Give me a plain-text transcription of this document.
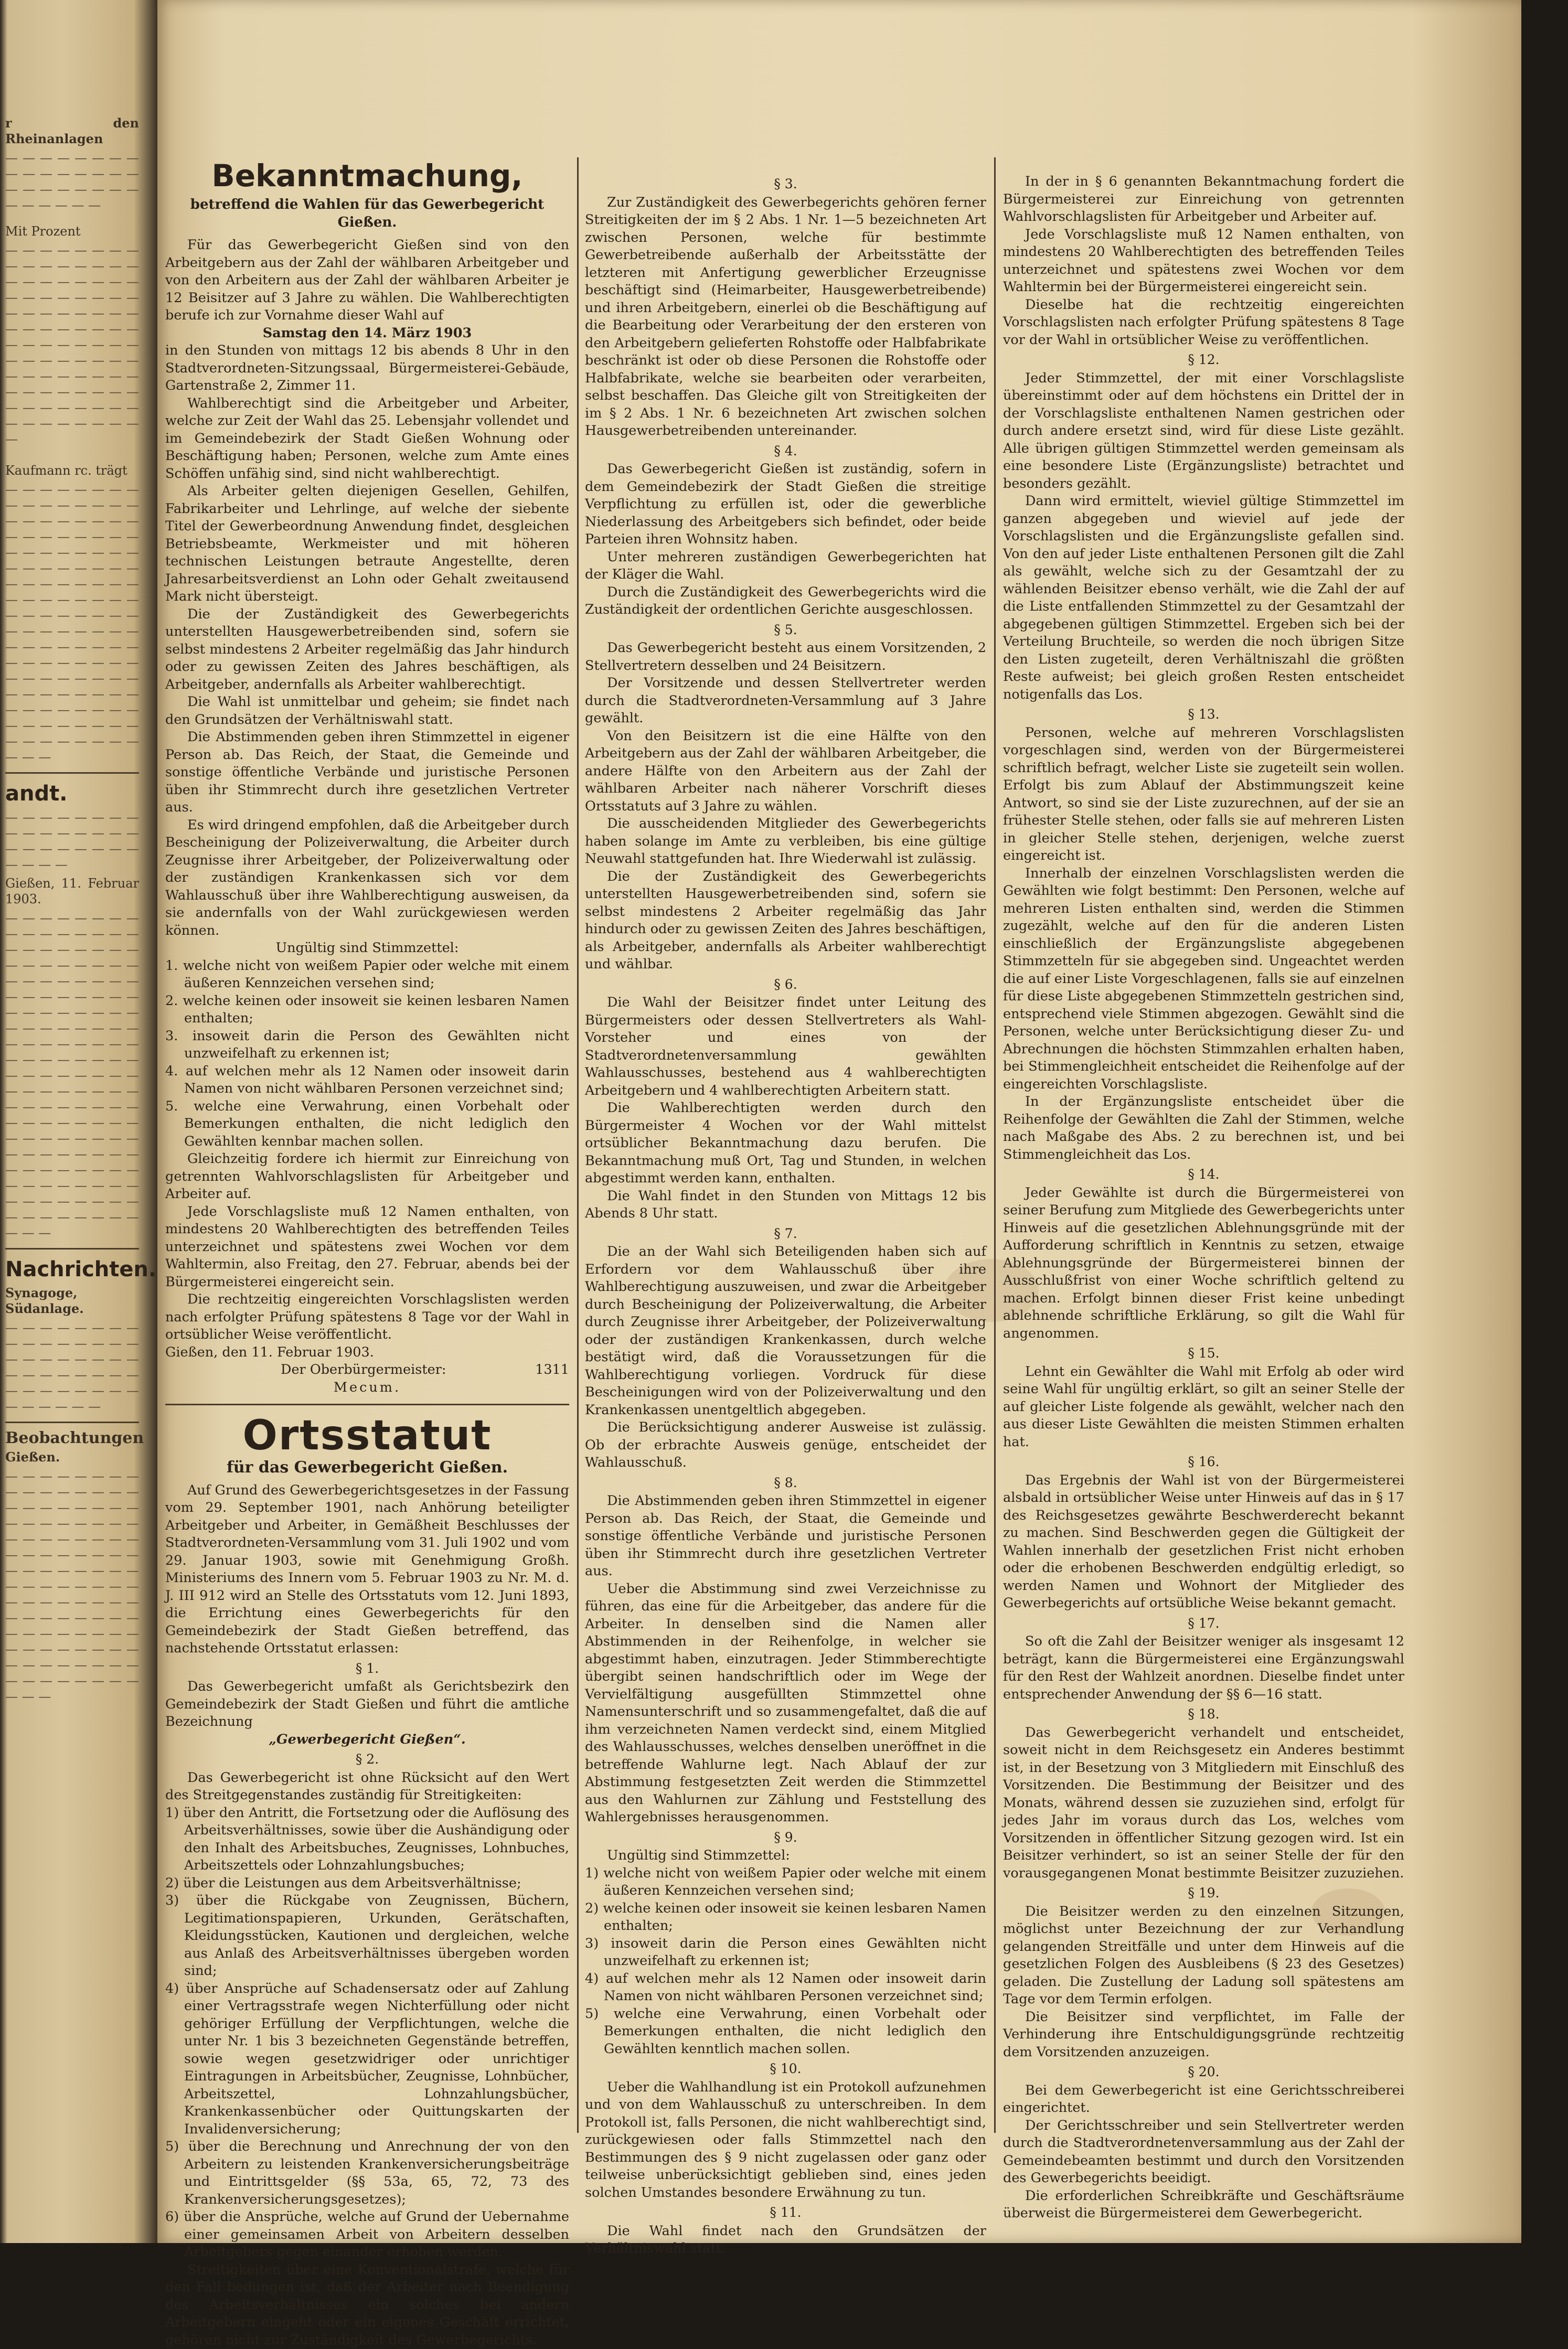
r den Rheinanlagen

— — — — — — — — — — — — — — — — — — — — — — — — — — — — — —

Mit Prozent

— — — — — — — — — — — — — — — — — — — — — — — — — — — — — — — — — — — — — — — — — — — — — — — — — — — — — — — — — — — — — — — — — — — — — — — — — — — — — — — — — — — — — — — — — — — — — — — — —

Kaufmann rc. trägt

— — — — — — — — — — — — — — — — — — — — — — — — — — — — — — — — — — — — — — — — — — — — — — — — — — — — — — — — — — — — — — — — — — — — — — — — — — — — — — — — — — — — — — — — — — — — — — — — — — — — — — — — — — — — — — — — — — — — — — — — — — — — — — — — — — — — — — — — — — —

andt.

— — — — — — — — — — — — — — — — — — — — — — — — — — — —

Gießen, 11. Februar 1903.

— — — — — — — — — — — — — — — — — — — — — — — — — — — — — — — — — — — — — — — — — — — — — — — — — — — — — — — — — — — — — — — — — — — — — — — — — — — — — — — — — — — — — — — — — — — — — — — — — — — — — — — — — — — — — — — — — — — — — — — — — — — — — — — — — — — — — — — — — — — — — — — — — — — — — — — — — — — — — — — — — — —

Nachrichten.

Synagoge, Südanlage.

— — — — — — — — — — — — — — — — — — — — — — — — — — — — — — — — — — — — — — — — — — — — — —

Beobachtungen

Gießen.

— — — — — — — — — — — — — — — — — — — — — — — — — — — — — — — — — — — — — — — — — — — — — — — — — — — — — — — — — — — — — — — — — — — — — — — — — — — — — — — — — — — — — — — — — — — — — — — — — — — — — — — — — — — — — — — — — — —

Bekanntmachung,
betreffend die Wahlen für das Gewerbegericht Gießen.

Für das Gewerbegericht Gießen sind von den Arbeitgebern aus der Zahl der wählbaren Arbeitgeber und von den Arbeitern aus der Zahl der wählbaren Arbeiter je 12 Beisitzer auf 3 Jahre zu wählen. Die Wahlberechtigten berufe ich zur Vornahme dieser Wahl auf

Samstag den 14. März 1903

in den Stunden von mittags 12 bis abends 8 Uhr in den Stadtverordneten-Sitzungssaal, Bürgermeisterei-Gebäude, Gartenstraße 2, Zimmer 11.

Wahlberechtigt sind die Arbeitgeber und Arbeiter, welche zur Zeit der Wahl das 25. Lebensjahr vollendet und im Gemeindebezirk der Stadt Gießen Wohnung oder Beschäftigung haben; Personen, welche zum Amte eines Schöffen unfähig sind, sind nicht wahlberechtigt.

Als Arbeiter gelten diejenigen Gesellen, Gehilfen, Fabrikarbeiter und Lehrlinge, auf welche der siebente Titel der Gewerbeordnung Anwendung findet, desgleichen Betriebsbeamte, Werkmeister und mit höheren technischen Leistungen betraute Angestellte, deren Jahresarbeitsverdienst an Lohn oder Gehalt zweitausend Mark nicht übersteigt.

Die der Zuständigkeit des Gewerbegerichts unterstellten Hausgewerbetreibenden sind, sofern sie selbst mindestens 2 Arbeiter regelmäßig das Jahr hindurch oder zu gewissen Zeiten des Jahres beschäftigen, als Arbeitgeber, andernfalls als Arbeiter wahlberechtigt.

Die Wahl ist unmittelbar und geheim; sie findet nach den Grundsätzen der Verhältniswahl statt.

Die Abstimmenden geben ihren Stimmzettel in eigener Person ab. Das Reich, der Staat, die Gemeinde und sonstige öffentliche Verbände und juristische Personen üben ihr Stimmrecht durch ihre gesetzlichen Vertreter aus.

Es wird dringend empfohlen, daß die Arbeitgeber durch Bescheinigung der Polizeiverwaltung, die Arbeiter durch Zeugnisse ihrer Arbeitgeber, der Polizeiverwaltung oder der zuständigen Krankenkassen sich vor dem Wahlausschuß über ihre Wahlberechtigung ausweisen, da sie andernfalls von der Wahl zurückgewiesen werden können.

Ungültig sind Stimmzettel:
1. welche nicht von weißem Papier oder welche mit einem äußeren Kennzeichen versehen sind;
2. welche keinen oder insoweit sie keinen lesbaren Namen enthalten;
3. insoweit darin die Person des Gewählten nicht unzweifelhaft zu erkennen ist;
4. auf welchen mehr als 12 Namen oder insoweit darin Namen von nicht wählbaren Personen verzeichnet sind;
5. welche eine Verwahrung, einen Vorbehalt oder Bemerkungen enthalten, die nicht lediglich den Gewählten kennbar machen sollen.

Gleichzeitig fordere ich hiermit zur Einreichung von getrennten Wahlvorschlagslisten für Arbeitgeber und Arbeiter auf.

Jede Vorschlagsliste muß 12 Namen enthalten, von mindestens 20 Wahlberechtigten des betreffenden Teiles unterzeichnet und spätestens zwei Wochen vor dem Wahltermin, also Freitag, den 27. Februar, abends bei der Bürgermeisterei eingereicht sein.

Die rechtzeitig eingereichten Vorschlagslisten werden nach erfolgter Prüfung spätestens 8 Tage vor der Wahl in ortsüblicher Weise veröffentlicht.

Gießen, den 11. Februar 1903.

Der Oberbürgermeister:	1311
Mecum.
Ortsstatut
für das Gewerbegericht Gießen.

Auf Grund des Gewerbegerichtsgesetzes in der Fassung vom 29. September 1901, nach Anhörung beteiligter Arbeitgeber und Arbeiter, in Gemäßheit Beschlusses der Stadtverordneten-Versammlung vom 31. Juli 1902 und vom 29. Januar 1903, sowie mit Genehmigung Großh. Ministeriums des Innern vom 5. Februar 1903 zu Nr. M. d. J. III 912 wird an Stelle des Ortsstatuts vom 12. Juni 1893, die Errichtung eines Gewerbegerichts für den Gemeindebezirk der Stadt Gießen betreffend, das nachstehende Ortsstatut erlassen:

§ 1.

Das Gewerbegericht umfaßt als Gerichtsbezirk den Gemeindebezirk der Stadt Gießen und führt die amtliche Bezeichnung

„Gewerbegericht Gießen“.
§ 2.

Das Gewerbegericht ist ohne Rücksicht auf den Wert des Streitgegenstandes zuständig für Streitigkeiten:

1) über den Antritt, die Fortsetzung oder die Auflösung des Arbeitsverhältnisses, sowie über die Aushändigung oder den Inhalt des Arbeitsbuches, Zeugnisses, Lohnbuches, Arbeitszettels oder Lohnzahlungsbuches;
2) über die Leistungen aus dem Arbeitsverhältnisse;
3) über die Rückgabe von Zeugnissen, Büchern, Legitimationspapieren, Urkunden, Gerätschaften, Kleidungsstücken, Kautionen und dergleichen, welche aus Anlaß des Arbeitsverhältnisses übergeben worden sind;
4) über Ansprüche auf Schadensersatz oder auf Zahlung einer Vertragsstrafe wegen Nichterfüllung oder nicht gehöriger Erfüllung der Verpflichtungen, welche die unter Nr. 1 bis 3 bezeichneten Gegenstände betreffen, sowie wegen gesetzwidriger oder unrichtiger Eintragungen in Arbeitsbücher, Zeugnisse, Lohnbücher, Arbeitszettel, Lohnzahlungsbücher, Krankenkassenbücher oder Quittungskarten der Invalidenversicherung;
5) über die Berechnung und Anrechnung der von den Arbeitern zu leistenden Krankenversicherungsbeiträge und Eintrittsgelder (§§ 53a, 65, 72, 73 des Krankenversicherungsgesetzes);
6) über die Ansprüche, welche auf Grund der Uebernahme einer gemeinsamen Arbeit von Arbeitern desselben Arbeitgebers gegen einander erhoben werden.

Streitigkeiten über eine Konventionalstrafe, welche für den Fall bedungen ist, daß der Arbeiter nach Beendigung des Arbeitsverhältnisses ein solches bei andern Arbeitgebern eingeht oder ein eigenes Geschäft errichtet, gehören nicht zur Zuständigkeit des Gewerbegerichts.

§ 3.

Zur Zuständigkeit des Gewerbegerichts gehören ferner Streitigkeiten der im § 2 Abs. 1 Nr. 1—5 bezeichneten Art zwischen Personen, welche für bestimmte Gewerbetreibende außerhalb der Arbeitsstätte der letzteren mit Anfertigung gewerblicher Erzeugnisse beschäftigt sind (Heimarbeiter, Hausgewerbetreibende) und ihren Arbeitgebern, einerlei ob die Beschäftigung auf die Bearbeitung oder Verarbeitung der den ersteren von den Arbeitgebern gelieferten Rohstoffe oder Halbfabrikate beschränkt ist oder ob diese Personen die Rohstoffe oder Halbfabrikate, welche sie bearbeiten oder verarbeiten, selbst beschaffen. Das Gleiche gilt von Streitigkeiten der im § 2 Abs. 1 Nr. 6 bezeichneten Art zwischen solchen Hausgewerbetreibenden untereinander.

§ 4.

Das Gewerbegericht Gießen ist zuständig, sofern in dem Gemeindebezirk der Stadt Gießen die streitige Verpflichtung zu erfüllen ist, oder die gewerbliche Niederlassung des Arbeitgebers sich befindet, oder beide Parteien ihren Wohnsitz haben.

Unter mehreren zuständigen Gewerbegerichten hat der Kläger die Wahl.

Durch die Zuständigkeit des Gewerbegerichts wird die Zuständigkeit der ordentlichen Gerichte ausgeschlossen.

§ 5.

Das Gewerbegericht besteht aus einem Vorsitzenden, 2 Stellvertretern desselben und 24 Beisitzern.

Der Vorsitzende und dessen Stellvertreter werden durch die Stadtverordneten-Versammlung auf 3 Jahre gewählt.

Von den Beisitzern ist die eine Hälfte von den Arbeitgebern aus der Zahl der wählbaren Arbeitgeber, die andere Hälfte von den Arbeitern aus der Zahl der wählbaren Arbeiter nach näherer Vorschrift dieses Ortsstatuts auf 3 Jahre zu wählen.

Die ausscheidenden Mitglieder des Gewerbegerichts haben solange im Amte zu verbleiben, bis eine gültige Neuwahl stattgefunden hat. Ihre Wiederwahl ist zulässig.

Die der Zuständigkeit des Gewerbegerichts unterstellten Hausgewerbetreibenden sind, sofern sie selbst mindestens 2 Arbeiter regelmäßig das Jahr hindurch oder zu gewissen Zeiten des Jahres beschäftigen, als Arbeitgeber, andernfalls als Arbeiter wahlberechtigt und wählbar.

§ 6.

Die Wahl der Beisitzer findet unter Leitung des Bürgermeisters oder dessen Stellvertreters als Wahl-Vorsteher und eines von der Stadtverordnetenversammlung gewählten Wahlausschusses, bestehend aus 4 wahlberechtigten Arbeitgebern und 4 wahlberechtigten Arbeitern statt.

Die Wahlberechtigten werden durch den Bürgermeister 4 Wochen vor der Wahl mittelst ortsüblicher Bekanntmachung dazu berufen. Die Bekanntmachung muß Ort, Tag und Stunden, in welchen abgestimmt werden kann, enthalten.

Die Wahl findet in den Stunden von Mittags 12 bis Abends 8 Uhr statt.

§ 7.

Die an der Wahl sich Beteiligenden haben sich auf Erfordern vor dem Wahlausschuß über ihre Wahlberechtigung auszuweisen, und zwar die Arbeitgeber durch Bescheinigung der Polizeiverwaltung, die Arbeiter durch Zeugnisse ihrer Arbeitgeber, der Polizeiverwaltung oder der zuständigen Krankenkassen, durch welche bestätigt wird, daß die Voraussetzungen für die Wahlberechtigung vorliegen. Vordruck für diese Bescheinigungen wird von der Polizeiverwaltung und den Krankenkassen unentgeltlich abgegeben.

Die Berücksichtigung anderer Ausweise ist zulässig. Ob der erbrachte Ausweis genüge, entscheidet der Wahlausschuß.

§ 8.

Die Abstimmenden geben ihren Stimmzettel in eigener Person ab. Das Reich, der Staat, die Gemeinde und sonstige öffentliche Verbände und juristische Personen üben ihr Stimmrecht durch ihre gesetzlichen Vertreter aus.

Ueber die Abstimmung sind zwei Verzeichnisse zu führen, das eine für die Arbeitgeber, das andere für die Arbeiter. In denselben sind die Namen aller Abstimmenden in der Reihenfolge, in welcher sie abgestimmt haben, einzutragen. Jeder Stimmberechtigte übergibt seinen handschriftlich oder im Wege der Vervielfältigung ausgefüllten Stimmzettel ohne Namensunterschrift und so zusammengefaltet, daß die auf ihm verzeichneten Namen verdeckt sind, einem Mitglied des Wahlausschusses, welches denselben uneröffnet in die betreffende Wahlurne legt. Nach Ablauf der zur Abstimmung festgesetzten Zeit werden die Stimmzettel aus den Wahlurnen zur Zählung und Feststellung des Wahlergebnisses herausgenommen.

§ 9.

Ungültig sind Stimmzettel:

1) welche nicht von weißem Papier oder welche mit einem äußeren Kennzeichen versehen sind;
2) welche keinen oder insoweit sie keinen lesbaren Namen enthalten;
3) insoweit darin die Person eines Gewählten nicht unzweifelhaft zu erkennen ist;
4) auf welchen mehr als 12 Namen oder insoweit darin Namen von nicht wählbaren Personen verzeichnet sind;
5) welche eine Verwahrung, einen Vorbehalt oder Bemerkungen enthalten, die nicht lediglich den Gewählten kenntlich machen sollen.
§ 10.

Ueber die Wahlhandlung ist ein Protokoll aufzunehmen und von dem Wahlausschuß zu unterschreiben. In dem Protokoll ist, falls Personen, die nicht wahlberechtigt sind, zurückgewiesen oder falls Stimmzettel nach den Bestimmungen des § 9 nicht zugelassen oder ganz oder teilweise unberücksichtigt geblieben sind, eines jeden solchen Umstandes besondere Erwähnung zu tun.

§ 11.

Die Wahl findet nach den Grundsätzen der Verhältniswahl statt.

In der in § 6 genannten Bekanntmachung fordert die Bürgermeisterei zur Einreichung von getrennten Wahlvorschlagslisten für Arbeitgeber und Arbeiter auf.

Jede Vorschlagsliste muß 12 Namen enthalten, von mindestens 20 Wahlberechtigten des betreffenden Teiles unterzeichnet und spätestens zwei Wochen vor dem Wahltermin bei der Bürgermeisterei eingereicht sein.

Dieselbe hat die rechtzeitig eingereichten Vorschlagslisten nach erfolgter Prüfung spätestens 8 Tage vor der Wahl in ortsüblicher Weise zu veröffentlichen.

§ 12.

Jeder Stimmzettel, der mit einer Vorschlagsliste übereinstimmt oder auf dem höchstens ein Drittel der in der Vorschlagsliste enthaltenen Namen gestrichen oder durch andere ersetzt sind, wird für diese Liste gezählt. Alle übrigen gültigen Stimmzettel werden gemeinsam als eine besondere Liste (Ergänzungsliste) betrachtet und besonders gezählt.

Dann wird ermittelt, wieviel gültige Stimmzettel im ganzen abgegeben und wieviel auf jede der Vorschlagslisten und die Ergänzungsliste gefallen sind. Von den auf jeder Liste enthaltenen Personen gilt die Zahl als gewählt, welche sich zu der Gesamtzahl der zu wählenden Beisitzer ebenso verhält, wie die Zahl der auf die Liste entfallenden Stimmzettel zu der Gesamtzahl der abgegebenen gültigen Stimmzettel. Ergeben sich bei der Verteilung Bruchteile, so werden die noch übrigen Sitze den Listen zugeteilt, deren Verhältniszahl die größten Reste aufweist; bei gleich großen Resten entscheidet notigenfalls das Los.

§ 13.

Personen, welche auf mehreren Vorschlagslisten vorgeschlagen sind, werden von der Bürgermeisterei schriftlich befragt, welcher Liste sie zugeteilt sein wollen. Erfolgt bis zum Ablauf der Abstimmungszeit keine Antwort, so sind sie der Liste zuzurechnen, auf der sie an frühester Stelle stehen, oder falls sie auf mehreren Listen in gleicher Stelle stehen, derjenigen, welche zuerst eingereicht ist.

Innerhalb der einzelnen Vorschlagslisten werden die Gewählten wie folgt bestimmt: Den Personen, welche auf mehreren Listen enthalten sind, werden die Stimmen zugezählt, welche auf den für die anderen Listen einschließlich der Ergänzungsliste abgegebenen Stimmzetteln für sie abgegeben sind. Ungeachtet werden die auf einer Liste Vorgeschlagenen, falls sie auf einzelnen für diese Liste abgegebenen Stimmzetteln gestrichen sind, entsprechend viele Stimmen abgezogen. Gewählt sind die Personen, welche unter Berücksichtigung dieser Zu- und Abrechnungen die höchsten Stimmzahlen erhalten haben, bei Stimmengleichheit entscheidet die Reihenfolge auf der eingereichten Vorschlagsliste.

In der Ergänzungsliste entscheidet über die Reihenfolge der Gewählten die Zahl der Stimmen, welche nach Maßgabe des Abs. 2 zu berechnen ist, und bei Stimmengleichheit das Los.

§ 14.

Jeder Gewählte ist durch die Bürgermeisterei von seiner Berufung zum Mitgliede des Gewerbegerichts unter Hinweis auf die gesetzlichen Ablehnungsgründe mit der Aufforderung schriftlich in Kenntnis zu setzen, etwaige Ablehnungsgründe der Bürgermeisterei binnen der Ausschlußfrist von einer Woche schriftlich geltend zu machen. Erfolgt binnen dieser Frist keine unbedingt ablehnende schriftliche Erklärung, so gilt die Wahl für angenommen.

§ 15.

Lehnt ein Gewählter die Wahl mit Erfolg ab oder wird seine Wahl für ungültig erklärt, so gilt an seiner Stelle der auf gleicher Liste folgende als gewählt, welcher nach den aus dieser Liste Gewählten die meisten Stimmen erhalten hat.

§ 16.

Das Ergebnis der Wahl ist von der Bürgermeisterei alsbald in ortsüblicher Weise unter Hinweis auf das in § 17 des Reichsgesetzes gewährte Beschwerderecht bekannt zu machen. Sind Beschwerden gegen die Gültigkeit der Wahlen innerhalb der gesetzlichen Frist nicht erhoben oder die erhobenen Beschwerden endgültig erledigt, so werden Namen und Wohnort der Mitglieder des Gewerbegerichts auf ortsübliche Weise bekannt gemacht.

§ 17.

So oft die Zahl der Beisitzer weniger als insgesamt 12 beträgt, kann die Bürgermeisterei eine Ergänzungswahl für den Rest der Wahlzeit anordnen. Dieselbe findet unter entsprechender Anwendung der §§ 6—16 statt.

§ 18.

Das Gewerbegericht verhandelt und entscheidet, soweit nicht in dem Reichsgesetz ein Anderes bestimmt ist, in der Besetzung von 3 Mitgliedern mit Einschluß des Vorsitzenden. Die Bestimmung der Beisitzer und des Monats, während dessen sie zuzuziehen sind, erfolgt für jedes Jahr im voraus durch das Los, welches vom Vorsitzenden in öffentlicher Sitzung gezogen wird. Ist ein Beisitzer verhindert, so ist an seiner Stelle der für den vorausgegangenen Monat bestimmte Beisitzer zuzuziehen.

§ 19.

Die Beisitzer werden zu den einzelnen Sitzungen, möglichst unter Bezeichnung der zur Verhandlung gelangenden Streitfälle und unter dem Hinweis auf die gesetzlichen Folgen des Ausbleibens (§ 23 des Gesetzes) geladen. Die Zustellung der Ladung soll spätestens am Tage vor dem Termin erfolgen.

Die Beisitzer sind verpflichtet, im Falle der Verhinderung ihre Entschuldigungsgründe rechtzeitig dem Vorsitzenden anzuzeigen.

§ 20.

Bei dem Gewerbegericht ist eine Gerichtsschreiberei eingerichtet.

Der Gerichtsschreiber und sein Stellvertreter werden durch die Stadtverordnetenversammlung aus der Zahl der Gemeindebeamten bestimmt und durch den Vorsitzenden des Gewerbegerichts beeidigt.

Die erforderlichen Schreibkräfte und Geschäftsräume überweist die Bürgermeisterei dem Gewerbegericht.
